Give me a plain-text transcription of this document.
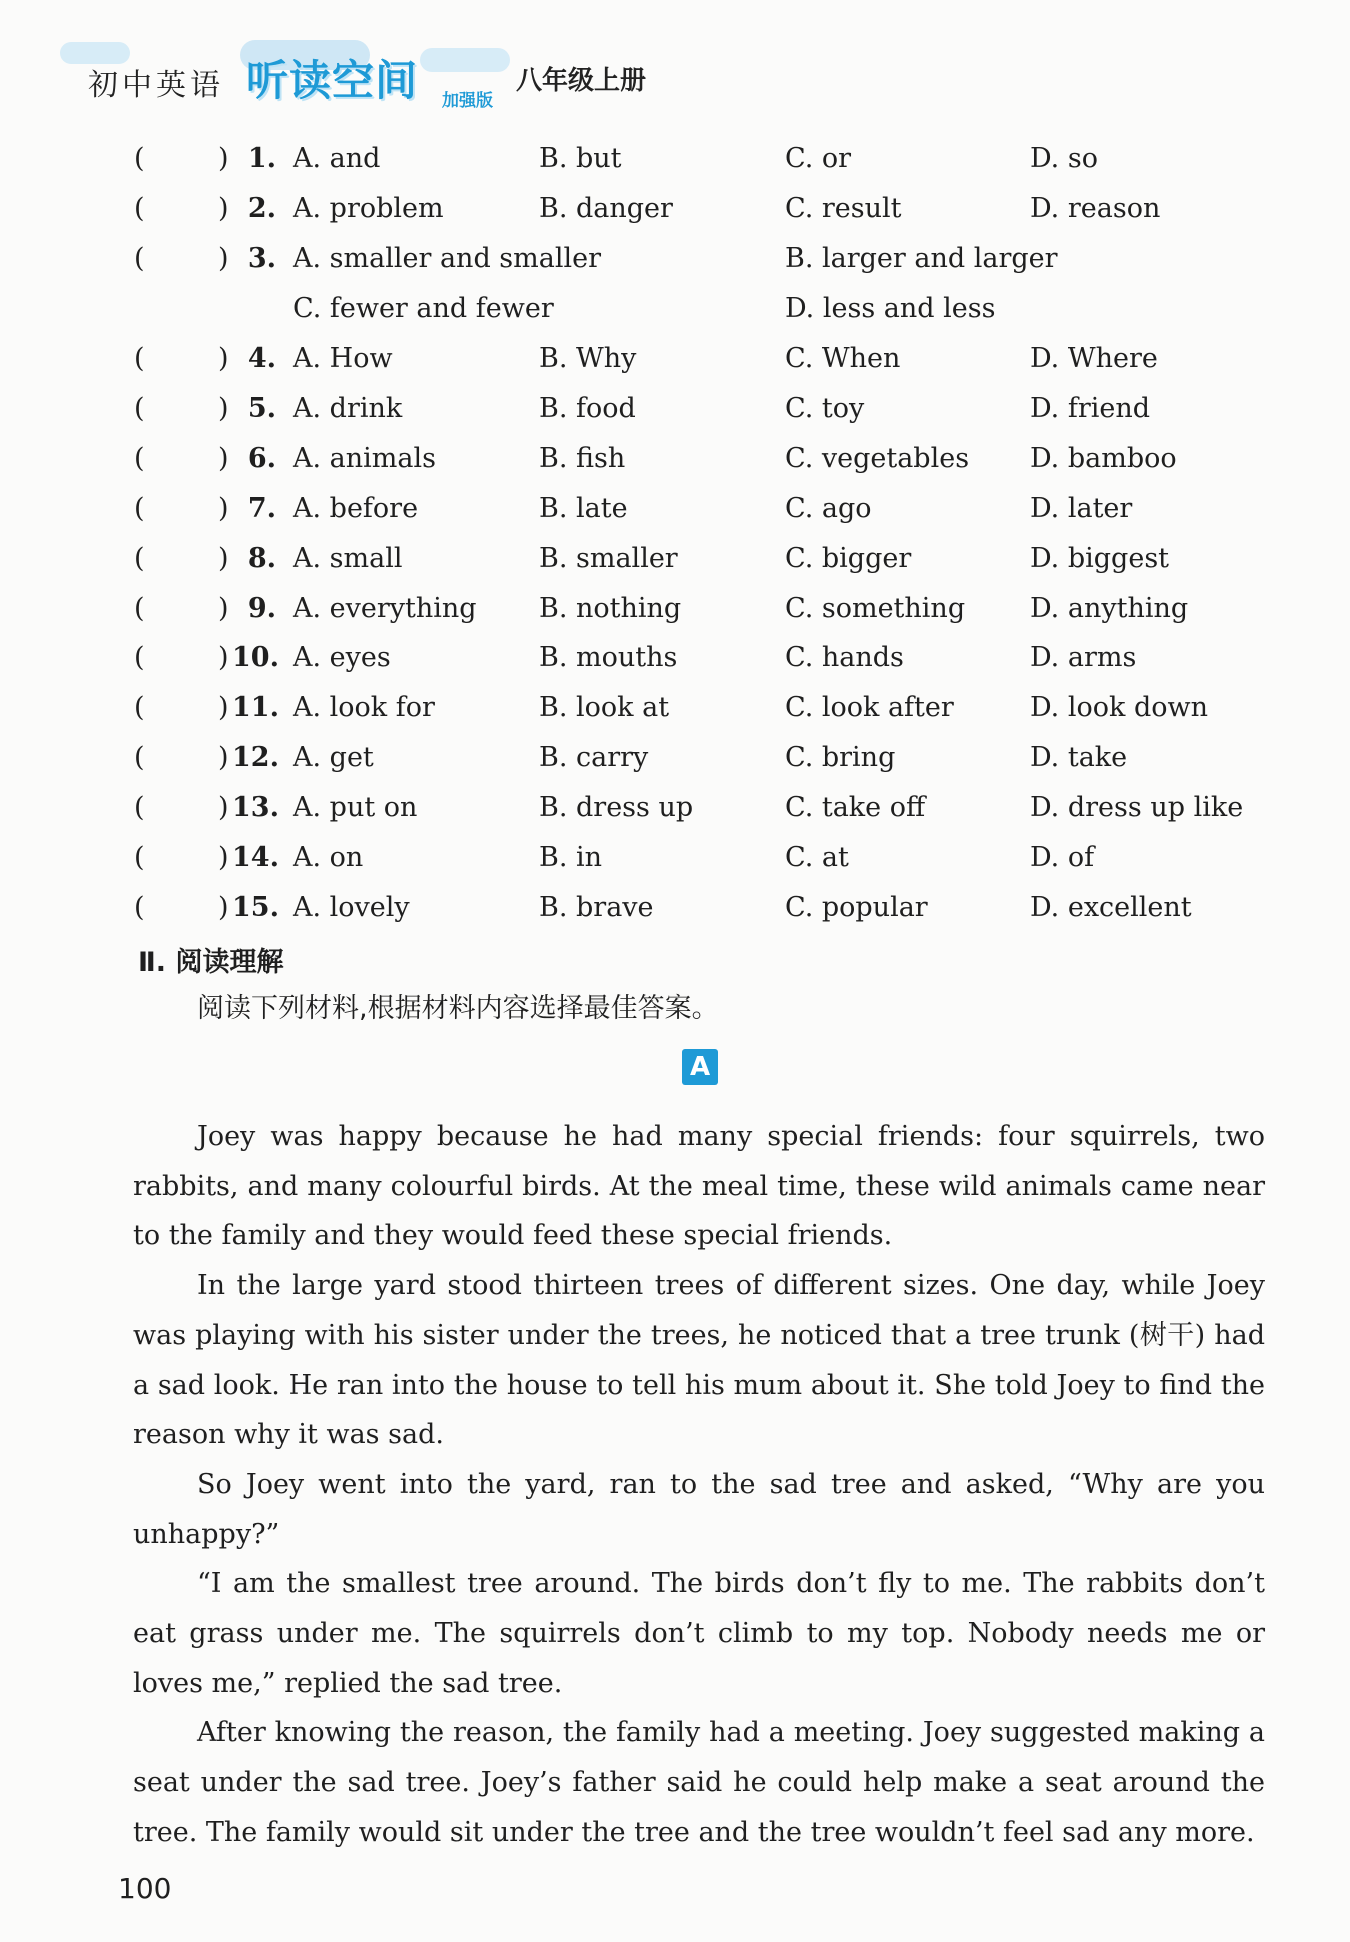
初中英语 听读空间 加强版
八年级上册
(	) 1. A. and	B. but	C. or	D. so
(	) 2. A. problem	B. danger	C. result	D. reason
(	) 3. A. smaller and smaller	B. larger and larger
C. fewer and fewer	D. less and less
(	) 4. A. How	B. Why	C. When	D. Where
(	) 5. A. drink	B. food	C. toy	D. friend
(	) 6. A. animals	B. fish	C. vegetables D. bamboo
(	) 7. A. before	B. late	C. ago	D. later
(	) 8. A. small	B. smaller	C. bigger	D. biggest
(	) 9. A. everything B. nothing	C. something D. anything
(	) 10. A. eyes	B. mouths	C. hands	D. arms
(	) 11. A. look for	B. look at	C. look after	D. look down
(	) 12. A. get	B. carry	C. bring	D. take
(	) 13. A. put on	B. dress up	C. take off	D. dress up like
(	) 14. A. on	B. in	C. at	D. of
(	) 15. A. lovely	B. brave	C. popular	D. excellent
Ⅱ. 阅读理解
阅读下列材料,根据材料内容选择最佳答案。
A

Joey was happy because he had many special friends: four squirrels, two rabbits, and many colourful birds. At the meal time, these wild animals came near to the family and they would feed these special friends.

In the large yard stood thirteen trees of different sizes. One day, while Joey was playing with his sister under the trees, he noticed that a tree trunk (树干) had a sad look. He ran into the house to tell his mum about it. She told Joey to find the reason why it was sad.

So Joey went into the yard, ran to the sad tree and asked, “Why are you unhappy?”

“I am the smallest tree around. The birds don’t fly to me. The rabbits don’t eat grass under me. The squirrels don’t climb to my top. Nobody needs me or loves me,” replied the sad tree.

After knowing the reason, the family had a meeting. Joey suggested making a seat under the sad tree. Joey’s father said he could help make a seat around the tree. The family would sit under the tree and the tree wouldn’t feel sad any more.

100
